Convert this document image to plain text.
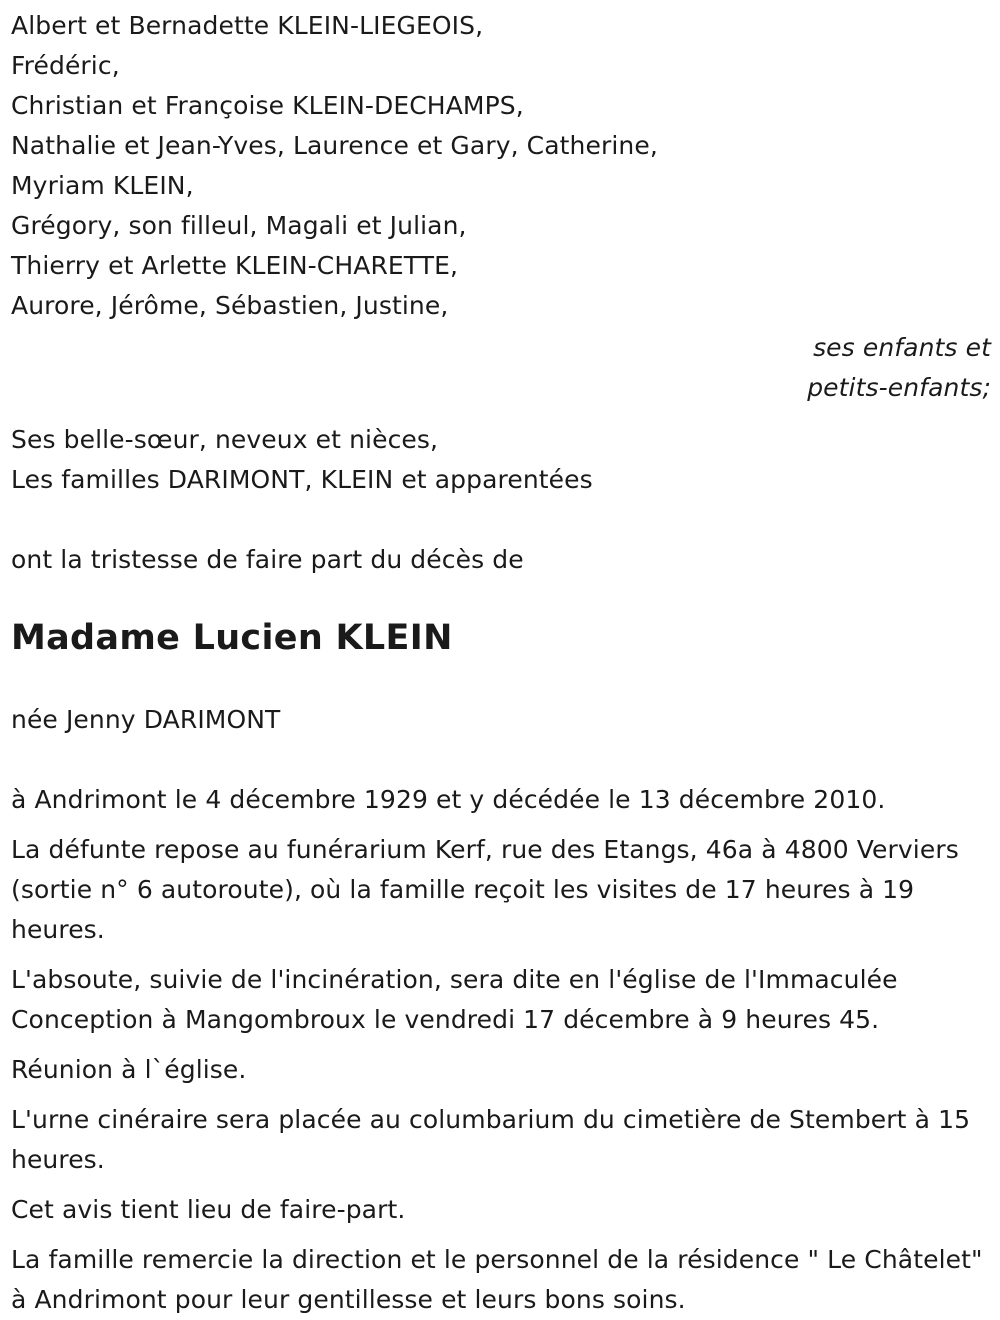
Albert et Bernadette KLEIN-LIEGEOIS,
Frédéric,
Christian et Françoise KLEIN-DECHAMPS,
Nathalie et Jean-Yves, Laurence et Gary, Catherine,
Myriam KLEIN,
Grégory, son filleul, Magali et Julian,
Thierry et Arlette KLEIN-CHARETTE,
Aurore, Jérôme, Sébastien, Justine,
ses enfants et
petits-enfants;
Ses belle-sœur, neveux et nièces,
Les familles DARIMONT, KLEIN et apparentées
ont la tristesse de faire part du décès de
Madame Lucien KLEIN
née Jenny DARIMONT
à Andrimont le 4 décembre 1929 et y décédée le 13 décembre 2010.
La défunte repose au funérarium Kerf, rue des Etangs, 46a à 4800 Verviers (sortie n° 6 autoroute), où la famille reçoit les visites de 17 heures à 19 heures.
L'absoute, suivie de l'incinération, sera dite en l'église de l'Immaculée Conception à Mangombroux le vendredi 17 décembre à 9 heures 45.
Réunion à l`église.
L'urne cinéraire sera placée au columbarium du cimetière de Stembert à 15 heures.
Cet avis tient lieu de faire-part.
La famille remercie la direction et le personnel de la résidence " Le Châtelet" à Andrimont pour leur gentillesse et leurs bons soins.
